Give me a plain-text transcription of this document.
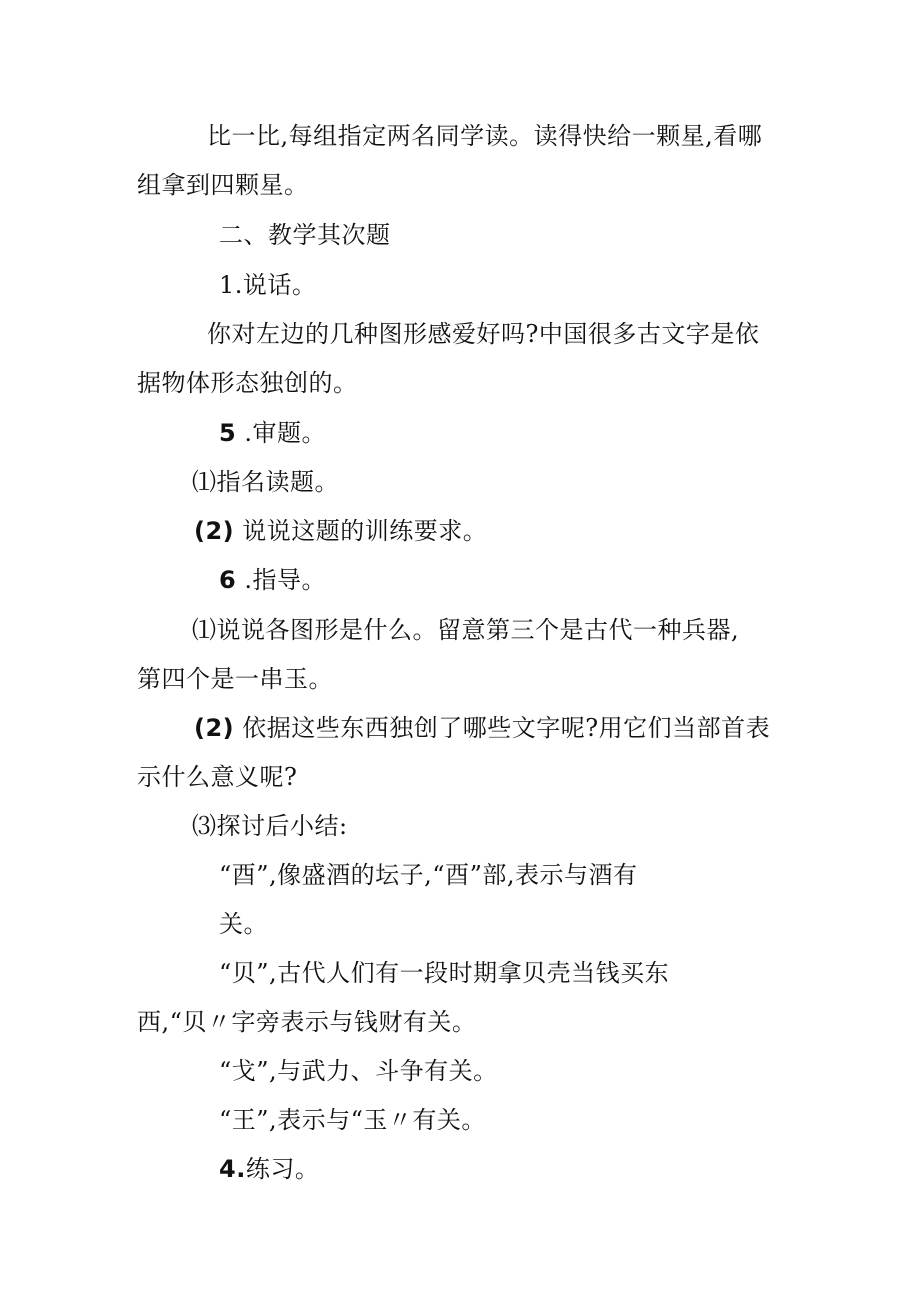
比一比,每组指定两名同学读。读得快给一颗星,看哪
组拿到四颗星。
二、教学其次题
1.说话。
你对左边的几种图形感爱好吗?中国很多古文字是依
据物体形态独创的。
5 .审题。
⑴指名读题。
(2) 说说这题的训练要求。
6 .指导。
⑴说说各图形是什么。留意第三个是古代一种兵器,
第四个是一串玉。
(2) 依据这些东西独创了哪些文字呢?用它们当部首表
示什么意义呢?
⑶探讨后小结:
“酉”,像盛酒的坛子,“酉”部,表示与酒有
关。
“贝”,古代人们有一段时期拿贝壳当钱买东
西,“贝〃字旁表示与钱财有关。
“戈”,与武力、斗争有关。
“王”,表示与“玉〃有关。
4.练习。
